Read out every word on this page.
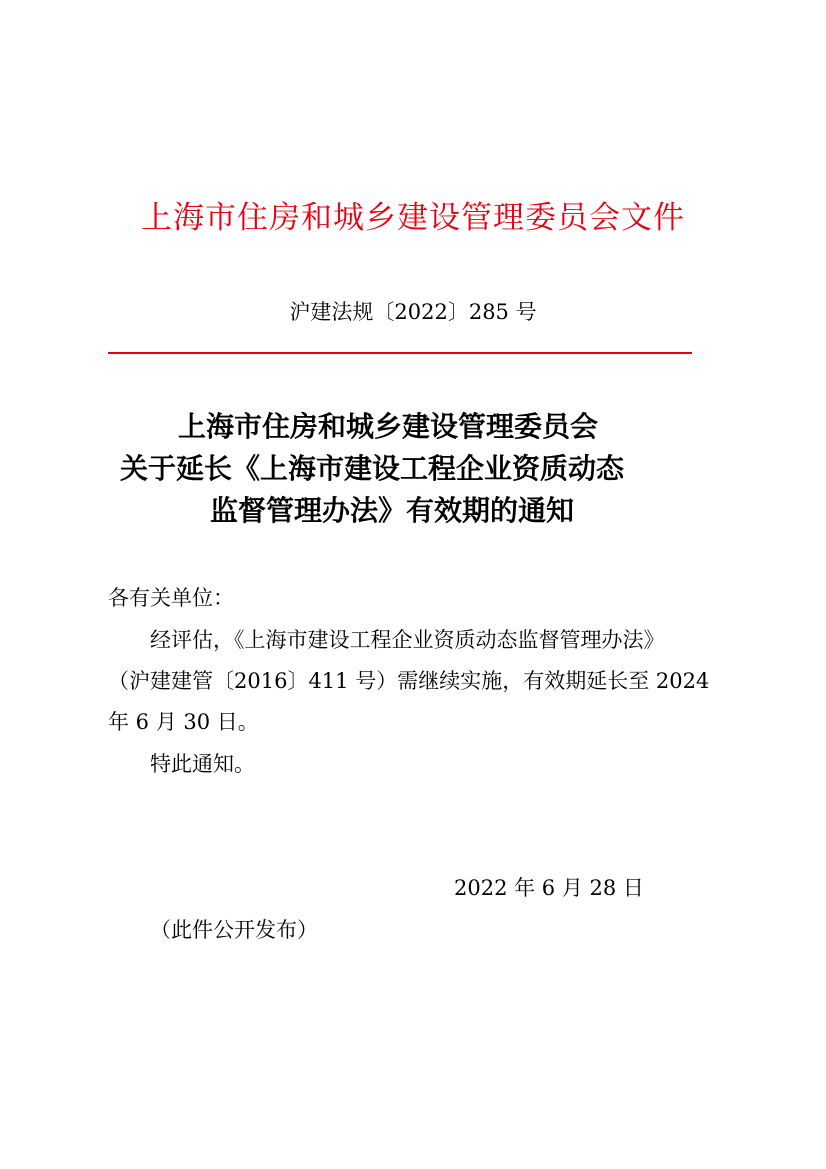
上海市住房和城乡建设管理委员会文件
沪建法规〔2022〕285 号
上海市住房和城乡建设管理委员会
关于延长《上海市建设工程企业资质动态
监督管理办法》有效期的通知
各有关单位：
经评估，《上海市建设工程企业资质动态监督管理办法》
（沪建建管〔2016〕411 号）需继续实施，有效期延长至 2024
年 6 月 30 日。
特此通知。
2022 年 6 月 28 日
（此件公开发布）
